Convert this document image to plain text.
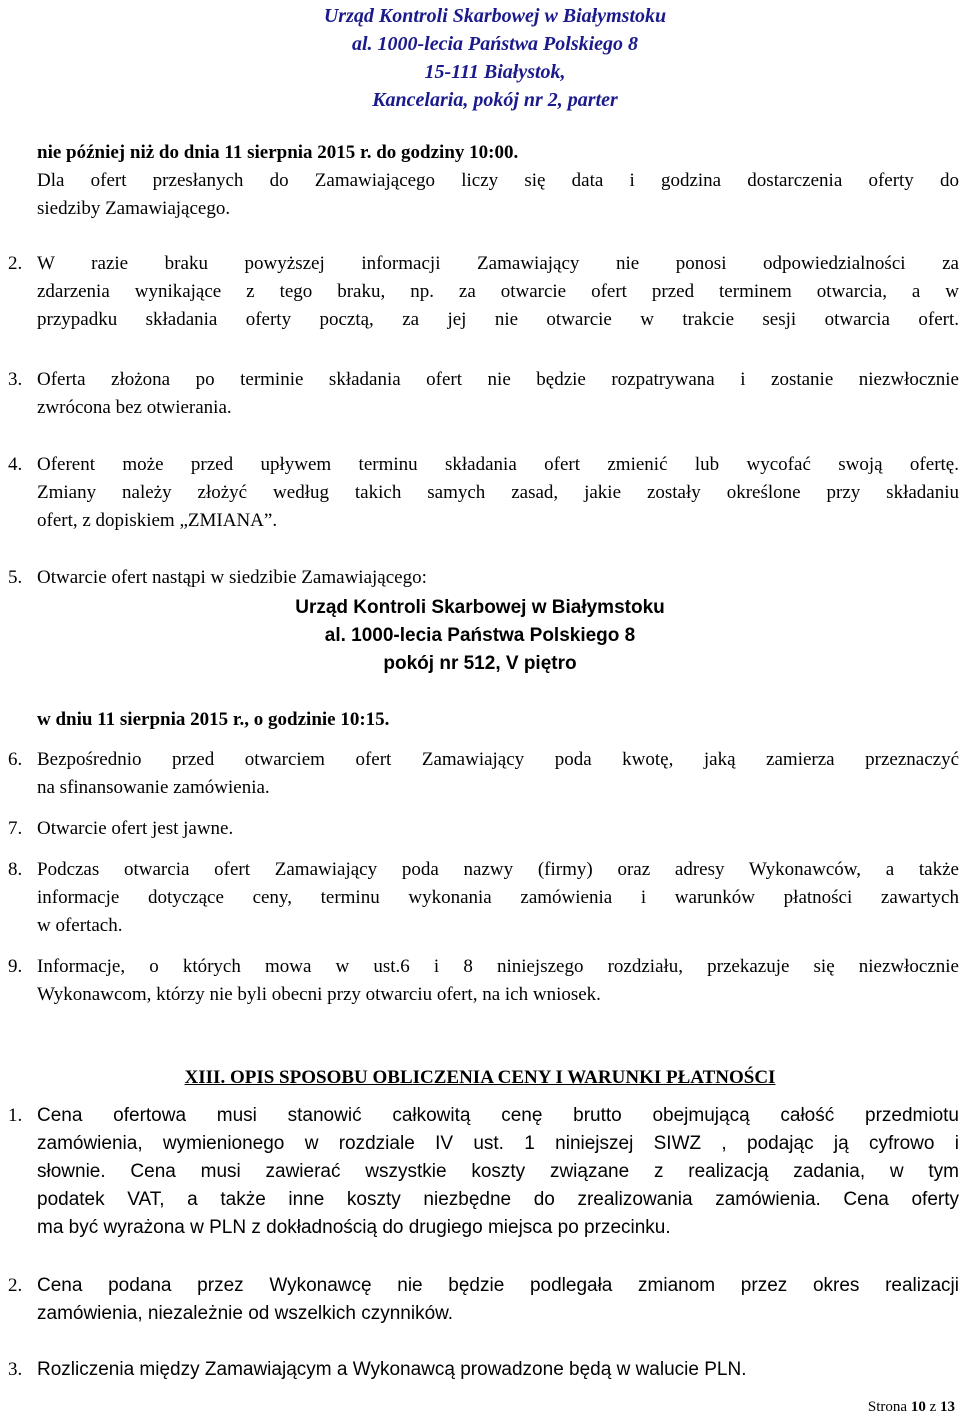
Urząd Kontroli Skarbowej w Białymstoku
al. 1000-lecia Państwa Polskiego 8
15-111 Białystok,
Kancelaria, pokój nr 2, parter
nie później niż do dnia 11 sierpnia 2015 r. do godziny 10:00.
Dla ofert przesłanych do Zamawiającego liczy się data i godzina dostarczenia oferty do
siedziby Zamawiającego.
2. W razie braku powyższej informacji Zamawiający nie ponosi odpowiedzialności za
zdarzenia wynikające z tego braku, np. za otwarcie ofert przed terminem otwarcia, a w
przypadku składania oferty pocztą, za jej nie otwarcie w trakcie sesji otwarcia ofert.
3. Oferta złożona po terminie składania ofert nie będzie rozpatrywana i zostanie niezwłocznie
zwrócona bez otwierania.
4. Oferent może przed upływem terminu składania ofert zmienić lub wycofać swoją ofertę.
Zmiany należy złożyć według takich samych zasad, jakie zostały określone przy składaniu
ofert, z dopiskiem „ZMIANA”.
5. Otwarcie ofert nastąpi w siedzibie Zamawiającego:
Urząd Kontroli Skarbowej w Białymstoku
al. 1000-lecia Państwa Polskiego 8
pokój nr 512, V piętro
w dniu 11 sierpnia 2015 r., o godzinie 10:15.
6. Bezpośrednio przed otwarciem ofert Zamawiający poda kwotę, jaką zamierza przeznaczyć
na sfinansowanie zamówienia.
7. Otwarcie ofert jest jawne.
8. Podczas otwarcia ofert Zamawiający poda nazwy (firmy) oraz adresy Wykonawców, a także
informacje dotyczące ceny, terminu wykonania zamówienia i warunków płatności zawartych
w ofertach.
9. Informacje, o których mowa w ust.6 i 8 niniejszego rozdziału, przekazuje się niezwłocznie
Wykonawcom, którzy nie byli obecni przy otwarciu ofert, na ich wniosek.
XIII. OPIS SPOSOBU OBLICZENIA CENY I WARUNKI PŁATNOŚCI
1. Cena ofertowa musi stanowić całkowitą cenę brutto obejmującą całość przedmiotu
zamówienia, wymienionego w rozdziale IV ust. 1 niniejszej SIWZ , podając ją cyfrowo i
słownie. Cena musi zawierać wszystkie koszty związane z realizacją zadania, w tym
podatek VAT, a także inne koszty niezbędne do zrealizowania zamówienia. Cena oferty
ma być wyrażona w PLN z dokładnością do drugiego miejsca po przecinku.
2. Cena podana przez Wykonawcę nie będzie podlegała zmianom przez okres realizacji
zamówienia, niezależnie od wszelkich czynników.
3. Rozliczenia między Zamawiającym a Wykonawcą prowadzone będą w walucie PLN.
Strona 10 z 13
